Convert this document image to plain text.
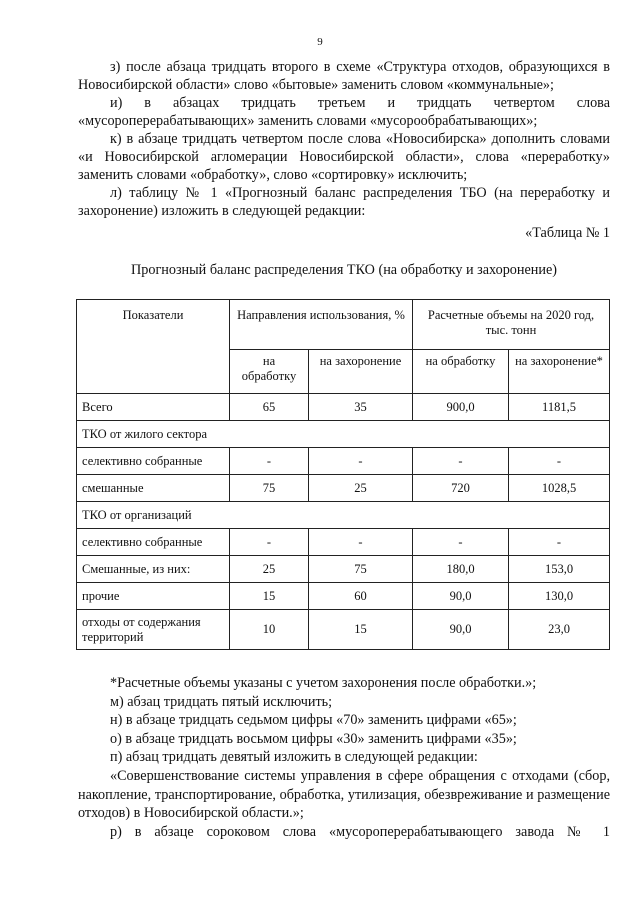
9

з) после абзаца тридцать второго в схеме «Структура отходов, образующихся в Новосибирской области» слово «бытовые» заменить словом «коммунальные»;

и) в абзацах тридцать третьем и тридцать четвертом слова «мусороперерабатывающих» заменить словами «мусорообрабатывающих»;

к) в абзаце тридцать четвертом после слова «Новосибирска» дополнить словами «и Новосибирской агломерации Новосибирской области», слова «переработку» заменить словами «обработку», слово «сортировку» исключить;

л) таблицу № 1 «Прогнозный баланс распределения ТБО (на переработку и захоронение) изложить в следующей редакции:

«Таблица № 1

Прогнозный баланс распределения ТКО (на обработку и захоронение)
Показатели	Направления использования, %		Расчетные объемы на 2020 год, тыс. тонн	
	на обработку	на захоронение	на обработку	на захоронение*
Всего	65	35	900,0	1181,5
ТКО от жилого сектора				
селективно собранные	-	-	-	-
смешанные	75	25	720	1028,5
ТКО от организаций				
селективно собранные	-	-	-	-
Смешанные, из них:	25	75	180,0	153,0
прочие	15	60	90,0	130,0
отходы от содержания территорий	10	15	90,0	23,0

*Расчетные объемы указаны с учетом захоронения после обработки.»;

м) абзац тридцать пятый исключить;

н) в абзаце тридцать седьмом цифры «70» заменить цифрами «65»;

о) в абзаце тридцать восьмом цифры «30» заменить цифрами «35»;

п) абзац тридцать девятый изложить в следующей редакции:

«Совершенствование системы управления в сфере обращения с отходами (сбор, накопление, транспортирование, обработка, утилизация, обезвреживание и размещение отходов) в Новосибирской области.»;

р) в абзаце сороковом слова «мусороперерабатывающего завода № 1
